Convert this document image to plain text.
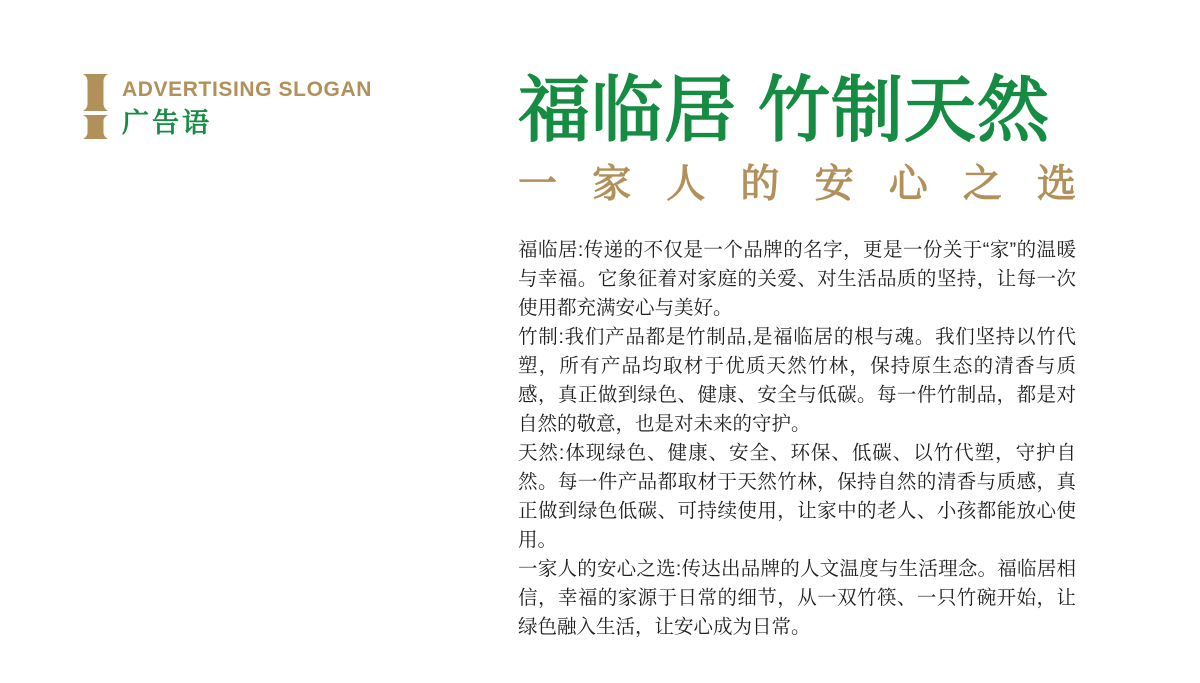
ADVERTISING SLOGAN
广告语	福临居 竹制天然
一家人的安心之选

福临居:传递的不仅是一个品牌的名字，更是一份关于“家”的温暖与幸福。它象征着对家庭的关爱、对生活品质的坚持，让每一次使用都充满安心与美好。

竹制:我们产品都是竹制品,是福临居的根与魂。我们坚持以竹代塑，所有产品均取材于优质天然竹林，保持原生态的清香与质感，真正做到绿色、健康、安全与低碳。每一件竹制品，都是对自然的敬意，也是对未来的守护。

天然:体现绿色、健康、安全、环保、低碳、以竹代塑，守护自然。每一件产品都取材于天然竹林，保持自然的清香与质感，真正做到绿色低碳、可持续使用，让家中的老人、小孩都能放心使用。

一家人的安心之选:传达出品牌的人文温度与生活理念。福临居相信，幸福的家源于日常的细节，从一双竹筷、一只竹碗开始，让绿色融入生活，让安心成为日常。
